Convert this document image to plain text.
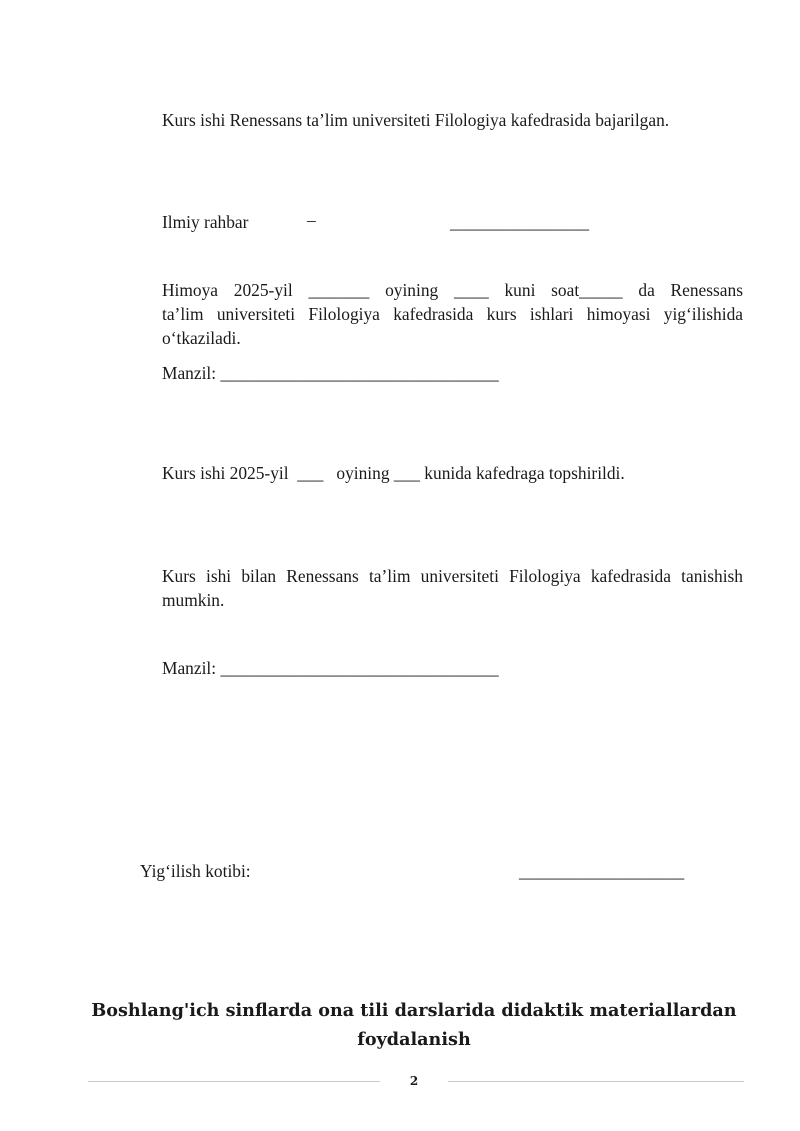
Kurs ishi Renessans ta’lim universiteti Filologiya kafedrasida bajarilgan.

Ilmiy rahbar	–	________________

Himoya 2025-yil _______ oyining ____ kuni soat_____ da Renessans

ta’lim universiteti Filologiya kafedrasida kurs ishlari himoyasi yig‘ilishida

o‘tkaziladi.

Manzil: ________________________________

Kurs ishi 2025-yil  ___   oyining ___ kunida kafedraga topshirildi.

Kurs ishi bilan Renessans ta’lim universiteti Filologiya kafedrasida tanishish

mumkin.

Manzil: ________________________________

Yig‘ilish kotibi:	___________________

Boshlang'ich sinflarda ona tili darslarida didaktik materiallardan

foydalanish

2
